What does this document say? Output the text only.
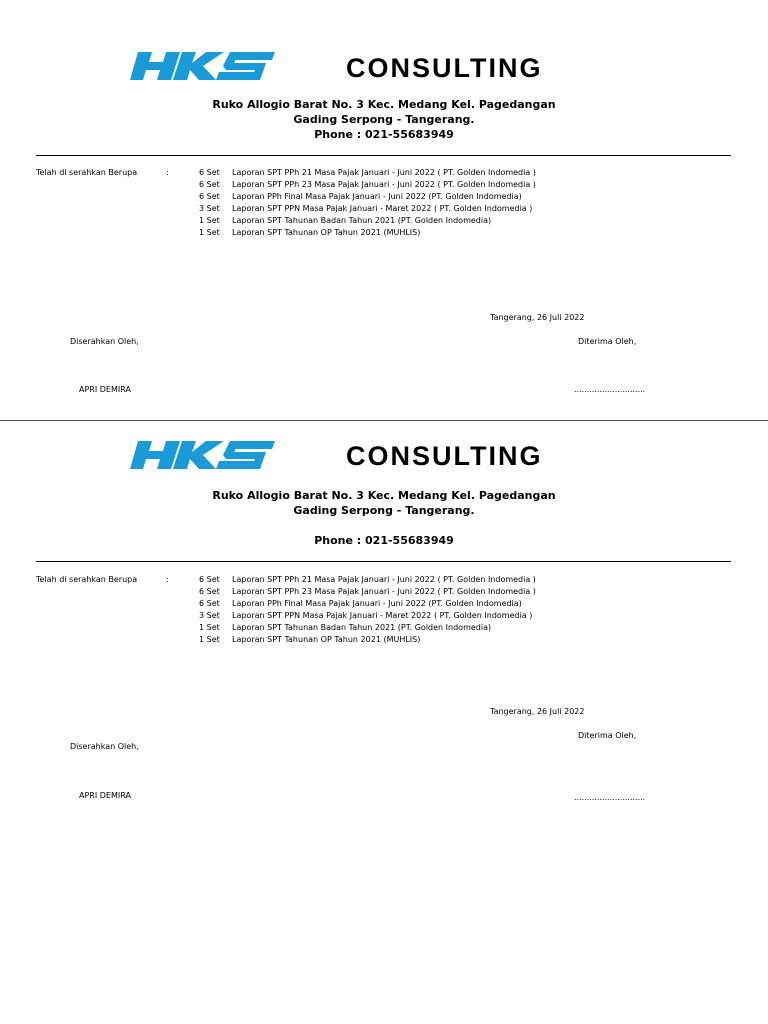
CONSULTING
Ruko Allogio Barat No. 3 Kec. Medang Kel. Pagedangan
Gading Serpong - Tangerang.
Phone : 021-55683949
Telah di serahkan Berupa	:	6 Set	Laporan SPT PPh 21 Masa Pajak Januari - Juni 2022 ( PT. Golden Indomedia )
6 Set	Laporan SPT PPh 23 Masa Pajak Januari - Juni 2022 ( PT. Golden Indomedia )
6 Set	Laporan PPh Final Masa Pajak Januari - Juni 2022 (PT. Golden Indomedia)
3 Set	Laporan SPT PPN Masa Pajak Januari - Maret 2022 ( PT. Golden Indomedia )
1 Set	Laporan SPT Tahunan Badan Tahun 2021 (PT. Golden Indomedia)
1 Set	Laporan SPT Tahunan OP Tahun 2021 (MUHLIS)
Tangerang, 26 Juli 2022
Diserahkan Oleh,	Diterima Oleh,
APRI DEMIRA	............................
CONSULTING
Ruko Allogio Barat No. 3 Kec. Medang Kel. Pagedangan
Gading Serpong - Tangerang.
Phone : 021-55683949
Telah di serahkan Berupa	:	6 Set	Laporan SPT PPh 21 Masa Pajak Januari - Juni 2022 ( PT. Golden Indomedia )
6 Set	Laporan SPT PPh 23 Masa Pajak Januari - Juni 2022 ( PT. Golden Indomedia )
6 Set	Laporan PPh Final Masa Pajak Januari - Juni 2022 (PT. Golden Indomedia)
3 Set	Laporan SPT PPN Masa Pajak Januari - Maret 2022 ( PT. Golden Indomedia )
1 Set	Laporan SPT Tahunan Badan Tahun 2021 (PT. Golden Indomedia)
1 Set	Laporan SPT Tahunan OP Tahun 2021 (MUHLIS)
Tangerang, 26 Juli 2022
Diterima Oleh,
Diserahkan Oleh,
APRI DEMIRA	............................
